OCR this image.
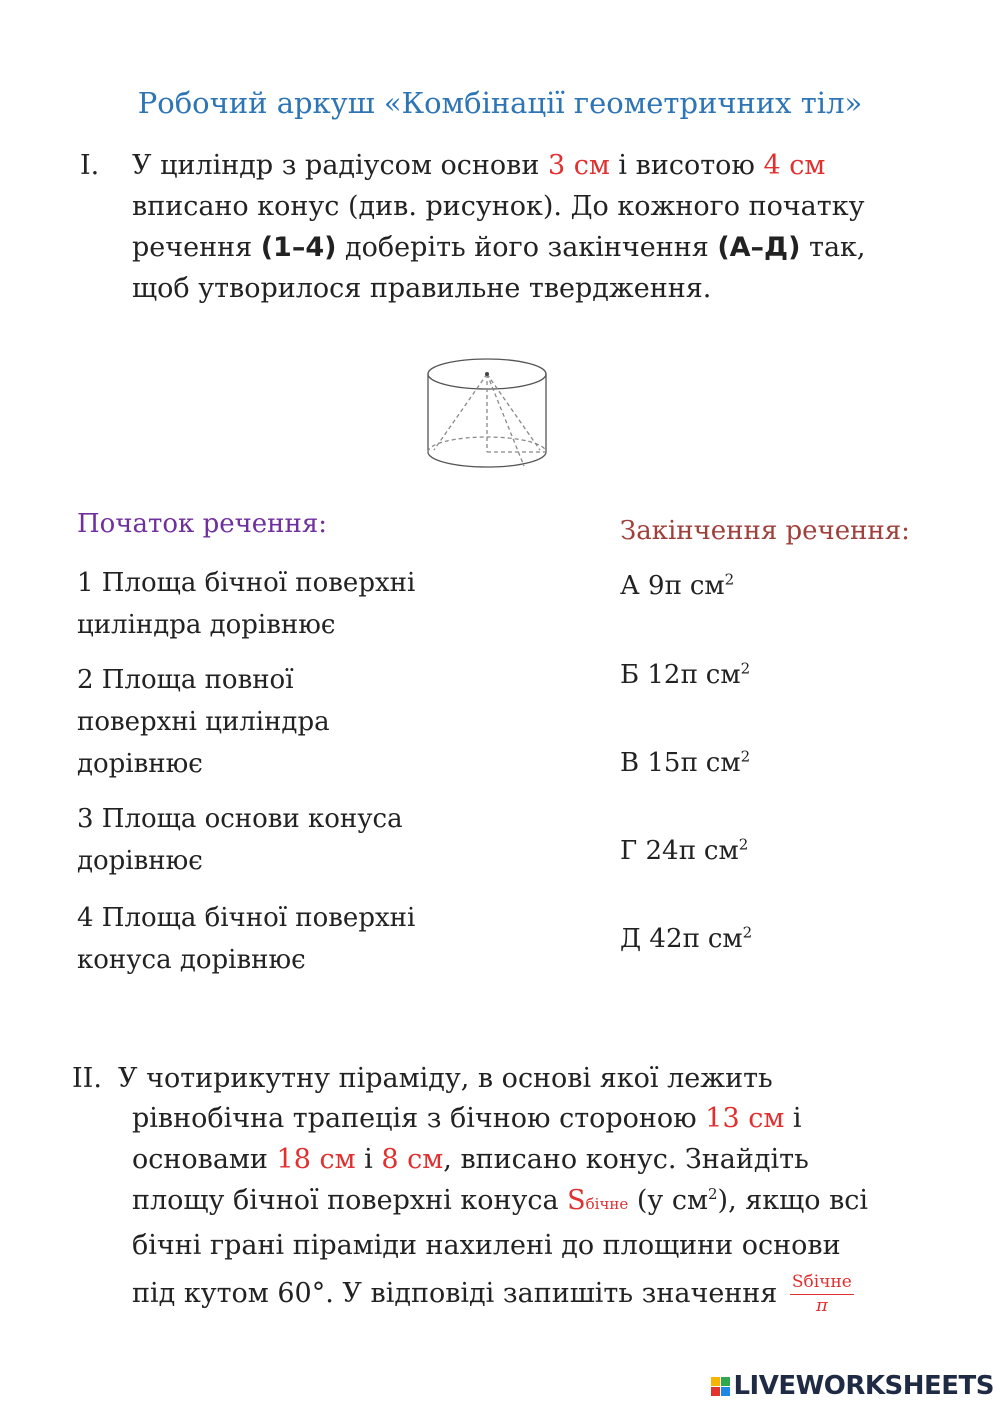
Робочий аркуш «Комбінації геометричних тіл»
I. У циліндр з радіусом основи 3 см і висотою 4 см
вписано конус (див. рисунок). До кожного початку
речення (1–4) доберіть його закінчення (А–Д) так,
щоб утворилося правильне твердження.
Початок речення:	Закінчення речення:
1 Площа бічної поверхні
циліндра дорівнює
2 Площа повної
поверхні циліндра
дорівнює
3 Площа основи конуса
дорівнює
4 Площа бічної поверхні
конуса дорівнює
А 9π $см^2$
Б 12π $см^2$
В 15π $см^2$
Г 24π $см^2$
Д 42π $см^2$
II. У чотирикутну піраміду, в основі якої лежить
рівнобічна трапеція з бічною стороною 13 см і
основами 18 см і 8 см, вписано конус. Знайдіть
площу бічної поверхні конуса Sбічне (у $см^2$), якщо всі
бічні грані піраміди нахилені до площини основи
під кутом 60°. У відповіді запишіть значення $\frac{\text{Sбічне}}{\pi}$
LIVEWORKSHEETS
